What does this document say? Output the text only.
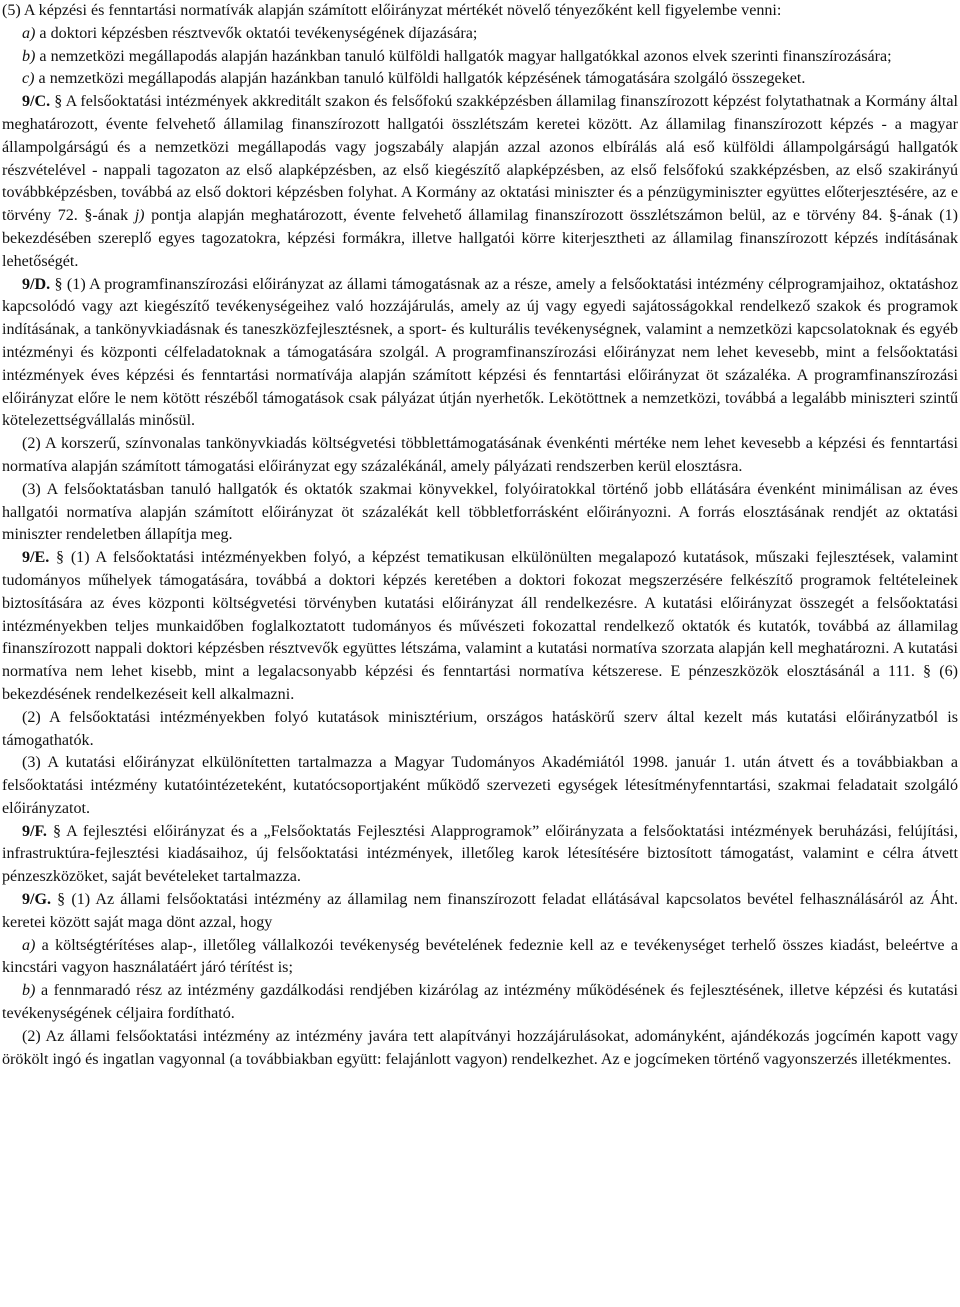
(5) A képzési és fenntartási normatívák alapján számított előirányzat mértékét növelő tényezőként kell figyelembe venni:

a) a doktori képzésben résztvevők oktatói tevékenységének díjazására;

b) a nemzetközi megállapodás alapján hazánkban tanuló külföldi hallgatók magyar hallgatókkal azonos elvek szerinti finanszírozására;

c) a nemzetközi megállapodás alapján hazánkban tanuló külföldi hallgatók képzésének támogatására szolgáló összegeket.

9/C. § A felsőoktatási intézmények akkreditált szakon és felsőfokú szakképzésben államilag finanszírozott képzést folytathatnak a Kormány által meghatározott, évente felvehető államilag finanszírozott hallgatói összlétszám keretei között. Az államilag finanszírozott képzés - a magyar állampolgárságú és a nemzetközi megállapodás vagy jogszabály alapján azzal azonos elbírálás alá eső külföldi állampolgárságú hallgatók részvételével - nappali tagozaton az első alapképzésben, az első kiegészítő alapképzésben, az első felsőfokú szakképzésben, az első szakirányú továbbképzésben, továbbá az első doktori képzésben folyhat. A Kormány az oktatási miniszter és a pénzügyminiszter együttes előterjesztésére, az e törvény 72. §-ának j) pontja alapján meghatározott, évente felvehető államilag finanszírozott összlétszámon belül, az e törvény 84. §-ának (1) bekezdésében szereplő egyes tagozatokra, képzési formákra, illetve hallgatói körre kiterjesztheti az államilag finanszírozott képzés indításának lehetőségét.

9/D. § (1) A programfinanszírozási előirányzat az állami támogatásnak az a része, amely a felsőoktatási intézmény célprogramjaihoz, oktatáshoz kapcsolódó vagy azt kiegészítő tevékenységeihez való hozzájárulás, amely az új vagy egyedi sajátosságokkal rendelkező szakok és programok indításának, a tankönyvkiadásnak és taneszközfejlesztésnek, a sport- és kulturális tevékenységnek, valamint a nemzetközi kapcsolatoknak és egyéb intézményi és központi célfeladatoknak a támogatására szolgál. A programfinanszírozási előirányzat nem lehet kevesebb, mint a felsőoktatási intézmények éves képzési és fenntartási normatívája alapján számított képzési és fenntartási előirányzat öt százaléka. A programfinanszírozási előirányzat előre le nem kötött részéből támogatások csak pályázat útján nyerhetők. Lekötöttnek a nemzetközi, továbbá a legalább miniszteri szintű kötelezettségvállalás minősül.

(2) A korszerű, színvonalas tankönyvkiadás költségvetési többlettámogatásának évenkénti mértéke nem lehet kevesebb a képzési és fenntartási normatíva alapján számított támogatási előirányzat egy százalékánál, amely pályázati rendszerben kerül elosztásra.

(3) A felsőoktatásban tanuló hallgatók és oktatók szakmai könyvekkel, folyóiratokkal történő jobb ellátására évenként minimálisan az éves hallgatói normatíva alapján számított előirányzat öt százalékát kell többletforrásként előirányozni. A forrás elosztásának rendjét az oktatási miniszter rendeletben állapítja meg.

9/E. § (1) A felsőoktatási intézményekben folyó, a képzést tematikusan elkülönülten megalapozó kutatások, műszaki fejlesztések, valamint tudományos műhelyek támogatására, továbbá a doktori képzés keretében a doktori fokozat megszerzésére felkészítő programok feltételeinek biztosítására az éves központi költségvetési törvényben kutatási előirányzat áll rendelkezésre. A kutatási előirányzat összegét a felsőoktatási intézményekben teljes munkaidőben foglalkoztatott tudományos és művészeti fokozattal rendelkező oktatók és kutatók, továbbá az államilag finanszírozott nappali doktori képzésben résztvevők együttes létszáma, valamint a kutatási normatíva szorzata alapján kell meghatározni. A kutatási normatíva nem lehet kisebb, mint a legalacsonyabb képzési és fenntartási normatíva kétszerese. E pénzeszközök elosztásánál a 111. § (6) bekezdésének rendelkezéseit kell alkalmazni.

(2) A felsőoktatási intézményekben folyó kutatások minisztérium, országos hatáskörű szerv által kezelt más kutatási előirányzatból is támogathatók.

(3) A kutatási előirányzat elkülönítetten tartalmazza a Magyar Tudományos Akadémiától 1998. január 1. után átvett és a továbbiakban a felsőoktatási intézmény kutatóintézeteként, kutatócsoportjaként működő szervezeti egységek létesítményfenntartási, szakmai feladatait szolgáló előirányzatot.

9/F. § A fejlesztési előirányzat és a „Felsőoktatás Fejlesztési Alapprogramok” előirányzata a felsőoktatási intézmények beruházási, felújítási, infrastruktúra-fejlesztési kiadásaihoz, új felsőoktatási intézmények, illetőleg karok létesítésére biztosított támogatást, valamint e célra átvett pénzeszközöket, saját bevételeket tartalmazza.

9/G. § (1) Az állami felsőoktatási intézmény az államilag nem finanszírozott feladat ellátásával kapcsolatos bevétel felhasználásáról az Áht. keretei között saját maga dönt azzal, hogy

a) a költségtérítéses alap-, illetőleg vállalkozói tevékenység bevételének fedeznie kell az e tevékenységet terhelő összes kiadást, beleértve a kincstári vagyon használatáért járó térítést is;

b) a fennmaradó rész az intézmény gazdálkodási rendjében kizárólag az intézmény működésének és fejlesztésének, illetve képzési és kutatási tevékenységének céljaira fordítható.

(2) Az állami felsőoktatási intézmény az intézmény javára tett alapítványi hozzájárulásokat, adományként, ajándékozás jogcímén kapott vagy örökölt ingó és ingatlan vagyonnal (a továbbiakban együtt: felajánlott vagyon) rendelkezhet. Az e jogcímeken történő vagyonszerzés illetékmentes.
